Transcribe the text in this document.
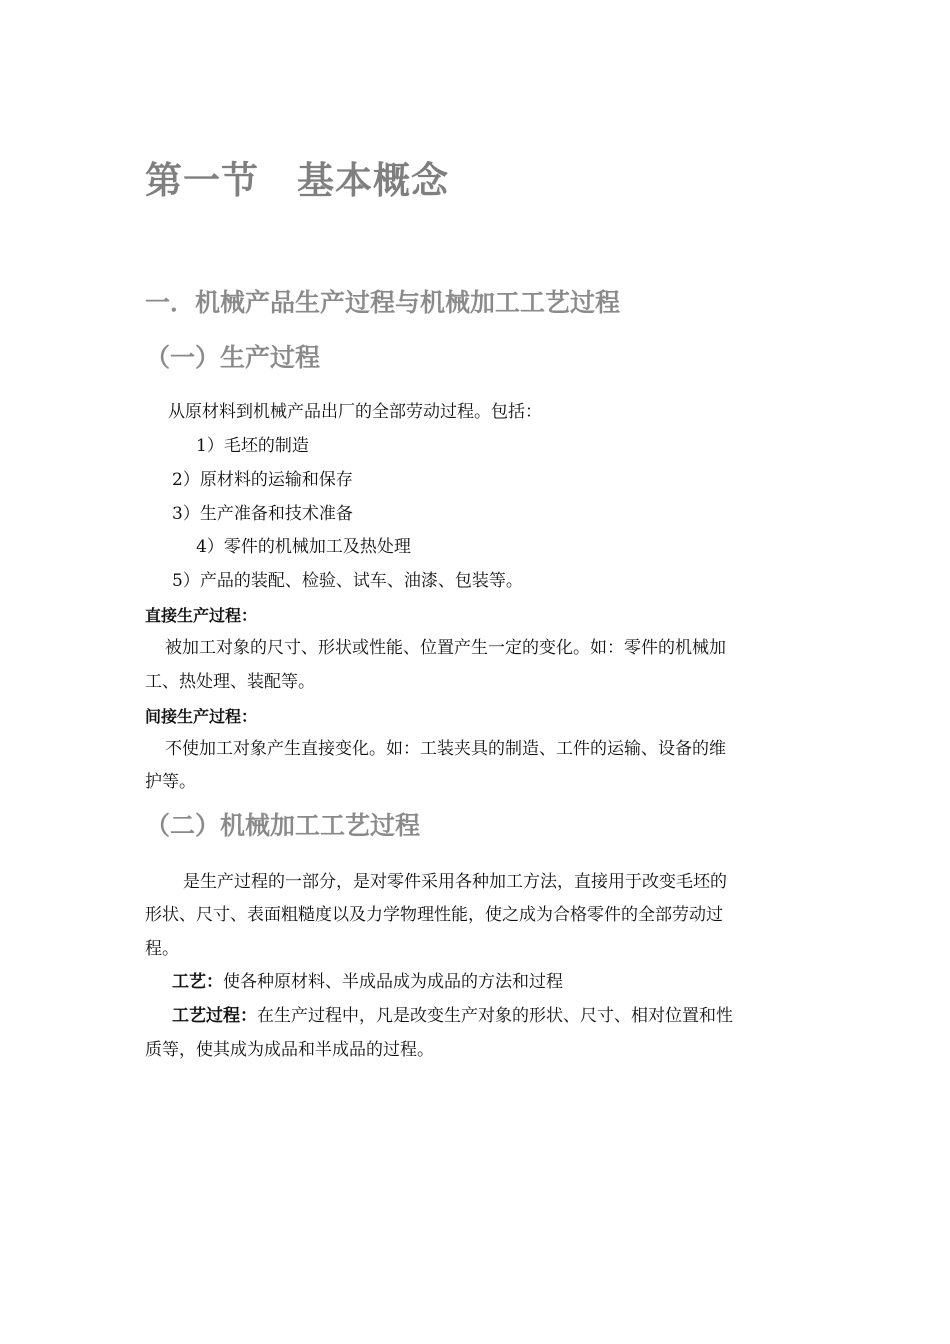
第一节　基本概念
一．机械产品生产过程与机械加工工艺过程
（一）生产过程
从原材料到机械产品出厂的全部劳动过程。包括：
1）毛坯的制造
2）原材料的运输和保存
3）生产准备和技术准备
4）零件的机械加工及热处理
5）产品的装配、检验、试车、油漆、包装等。
直接生产过程：
被加工对象的尺寸、形状或性能、位置产生一定的变化。如：零件的机械加
工、热处理、装配等。
间接生产过程：
不使加工对象产生直接变化。如：工装夹具的制造、工件的运输、设备的维
护等。
（二）机械加工工艺过程
是生产过程的一部分，是对零件采用各种加工方法，直接用于改变毛坯的
形状、尺寸、表面粗糙度以及力学物理性能，使之成为合格零件的全部劳动过
程。
工艺：使各种原材料、半成品成为成品的方法和过程
工艺过程：在生产过程中，凡是改变生产对象的形状、尺寸、相对位置和性
质等，使其成为成品和半成品的过程。
